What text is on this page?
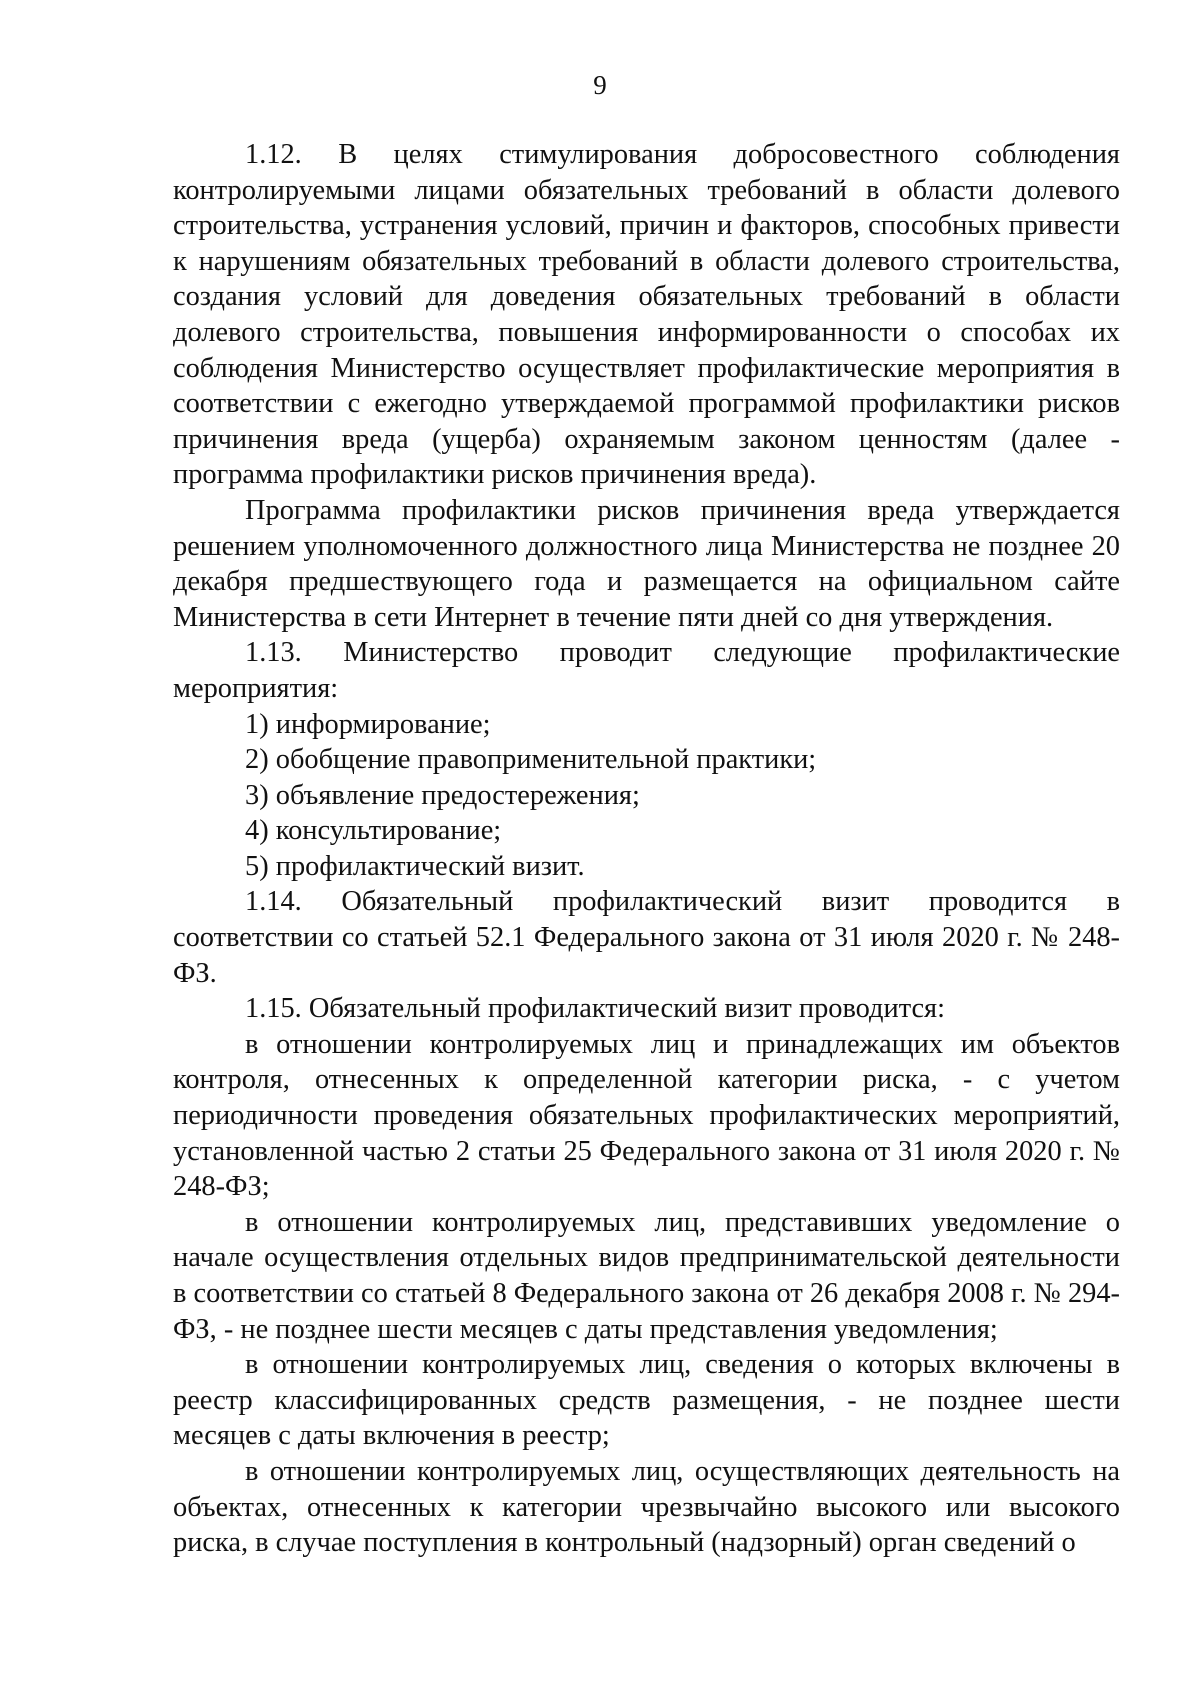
9

1.12. В целях стимулирования добросовестного соблюдения контролируемыми лицами обязательных требований в области долевого строительства, устранения условий, причин и факторов, способных привести к нарушениям обязательных требований в области долевого строительства, создания условий для доведения обязательных требований в области долевого строительства, повышения информированности о способах их соблюдения Министерство осуществляет профилактические мероприятия в соответствии с ежегодно утверждаемой программой профилактики рисков причинения вреда (ущерба) охраняемым законом ценностям (далее - программа профилактики рисков причинения вреда).

Программа профилактики рисков причинения вреда утверждается решением уполномоченного должностного лица Министерства не позднее 20 декабря предшествующего года и размещается на официальном сайте Министерства в сети Интернет в течение пяти дней со дня утверждения.

1.13. Министерство проводит следующие профилактические мероприятия:

1) информирование;

2) обобщение правоприменительной практики;

3) объявление предостережения;

4) консультирование;

5) профилактический визит.

1.14. Обязательный профилактический визит проводится в соответствии со статьей 52.1 Федерального закона от 31 июля 2020 г. № 248-ФЗ.

1.15. Обязательный профилактический визит проводится:

в отношении контролируемых лиц и принадлежащих им объектов контроля, отнесенных к определенной категории риска, - с учетом периодичности проведения обязательных профилактических мероприятий, установленной частью 2 статьи 25 Федерального закона от 31 июля 2020 г. № 248-ФЗ;

в отношении контролируемых лиц, представивших уведомление о начале осуществления отдельных видов предпринимательской деятельности в соответствии со статьей 8 Федерального закона от 26 декабря 2008 г. № 294-ФЗ, - не позднее шести месяцев с даты представления уведомления;

в отношении контролируемых лиц, сведения о которых включены в реестр классифицированных средств размещения, - не позднее шести месяцев с даты включения в реестр;

в отношении контролируемых лиц, осуществляющих деятельность на объектах, отнесенных к категории чрезвычайно высокого или высокого риска, в случае поступления в контрольный (надзорный) орган сведений о
